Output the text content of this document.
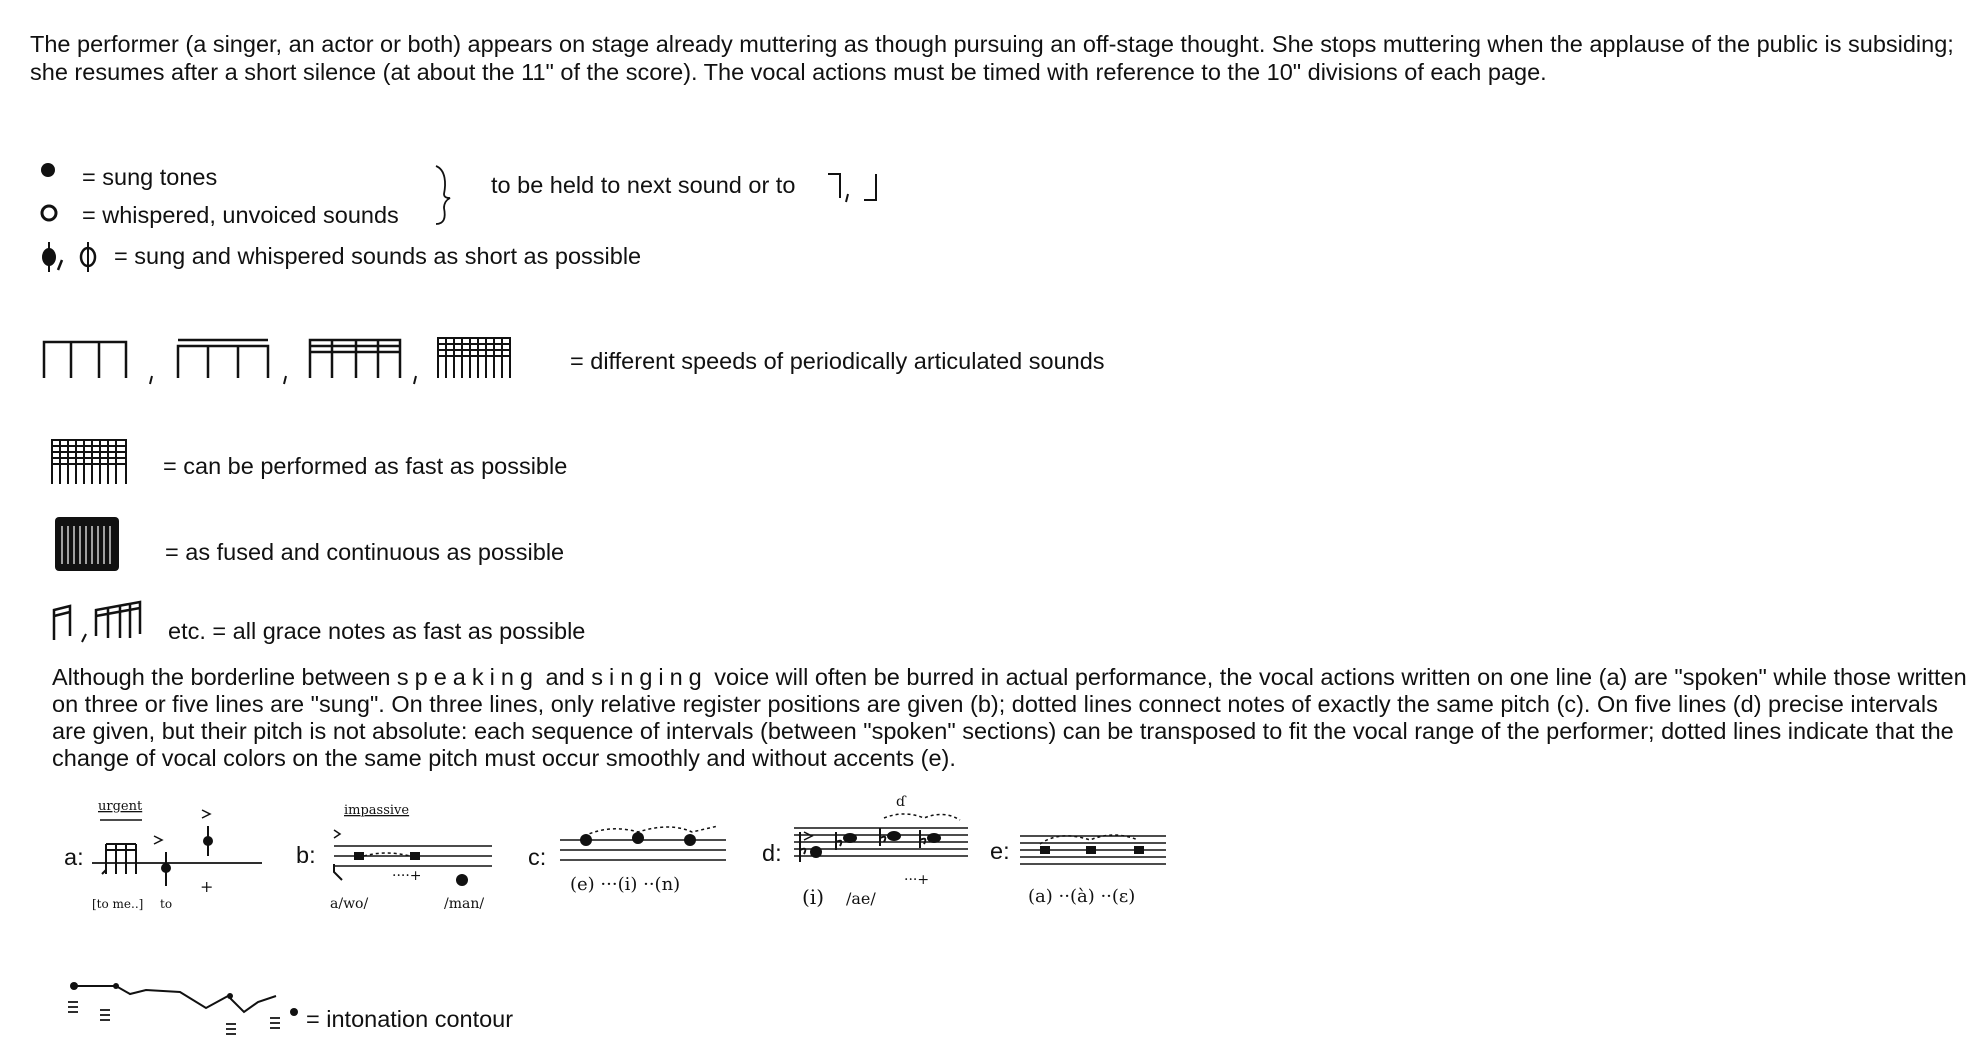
The performer (a singer, an actor or both) appears on stage already muttering as though pursuing an off-stage thought. She stops muttering when the applause of the public is subsiding; she resumes after a short silence (at about the 11" of the score). The vocal actions must be timed with reference to the 10" divisions of each page.
= sung tones
= whispered, unvoiced sounds
to be held to next sound or to
= sung and whispered sounds as short as possible
= different speeds of periodically articulated sounds
= can be performed as fast as possible
= as fused and continuous as possible
etc. = all grace notes as fast as possible
Although the borderline between speaking and singing voice will often be burred in actual performance, the vocal actions written on one line (a) are "spoken" while those written on three or five lines are "sung". On three lines, only relative register positions are given (b); dotted lines connect notes of exactly the same pitch (c). On five lines (d) precise intervals are given, but their pitch is not absolute: each sequence of intervals (between "spoken" sections) can be transposed to fit the vocal range of the performer; dotted lines indicate that the change of vocal colors on the same pitch must occur smoothly and without accents (e).
a:
urgent
+
[to me..] to
b:
impassive
····+
a/wo/	/man/
c:
(e) ···(i) ··(n)
d:
ɗ
···+
(i) /ae/
e:
(a) ··(à) ··(ɛ)
= intonation contour
